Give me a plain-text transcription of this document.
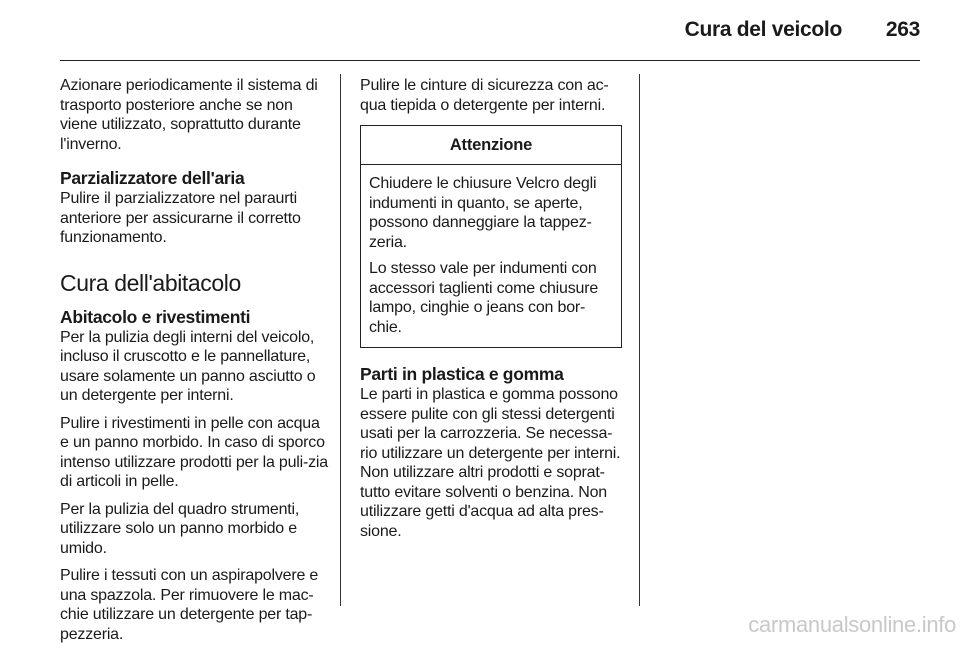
Cura del veicolo 263

Azionare periodicamente il sistema di trasporto posteriore anche se non viene utilizzato, soprattutto durante l'inverno.

Parzializzatore dell'aria

Pulire il parzializzatore nel paraurti anteriore per assicurarne il corretto funzionamento.

Cura dell'abitacolo
Abitacolo e rivestimenti

Per la pulizia degli interni del veicolo, incluso il cruscotto e le pannellature, usare solamente un panno asciutto o un detergente per interni.

Pulire i rivestimenti in pelle con acqua e un panno morbido. In caso di sporco intenso utilizzare prodotti per la puli-zia di articoli in pelle.

Per la pulizia del quadro strumenti, utilizzare solo un panno morbido e umido.

Pulire i tessuti con un aspirapolvere e una spazzola. Per rimuovere le mac-chie utilizzare un detergente per tap-pezzeria.

Pulire le cinture di sicurezza con ac-qua tiepida o detergente per interni.

Attenzione

Chiudere le chiusure Velcro degli indumenti in quanto, se aperte, possono danneggiare la tappez-zeria.

Lo stesso vale per indumenti con accessori taglienti come chiusure lampo, cinghie o jeans con bor-chie.

Parti in plastica e gomma

Le parti in plastica e gomma possono essere pulite con gli stessi detergenti usati per la carrozzeria. Se necessa-rio utilizzare un detergente per interni. Non utilizzare altri prodotti e soprat-tutto evitare solventi o benzina. Non utilizzare getti d'acqua ad alta pres-sione.

carmanualsonline.info
